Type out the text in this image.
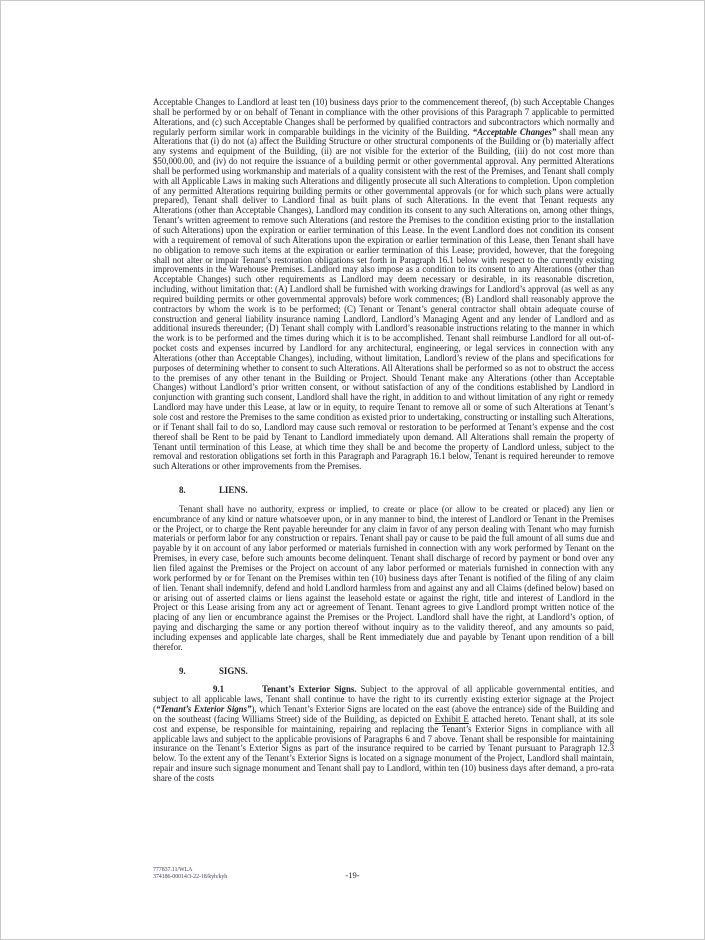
Acceptable Changes to Landlord at least ten (10) business days prior to the commencement thereof, (b) such Acceptable Changes shall be performed by or on behalf of Tenant in compliance with the other provisions of this Paragraph 7 applicable to permitted Alterations, and (c) such Acceptable Changes shall be performed by qualified contractors and subcontractors which normally and regularly perform similar work in comparable buildings in the vicinity of the Building. “Acceptable Changes” shall mean any Alterations that (i) do not (a) affect the Building Structure or other structural components of the Building or (b) materially affect any systems and equipment of the Building, (ii) are not visible for the exterior of the Building, (iii) do not cost more than $50,000.00, and (iv) do not require the issuance of a building permit or other governmental approval. Any permitted Alterations shall be performed using workmanship and materials of a quality consistent with the rest of the Premises, and Tenant shall comply with all Applicable Laws in making such Alterations and diligently prosecute all such Alterations to completion. Upon completion of any permitted Alterations requiring building permits or other governmental approvals (or for which such plans were actually prepared), Tenant shall deliver to Landlord final as built plans of such Alterations. In the event that Tenant requests any Alterations (other than Acceptable Changes), Landlord may condition its consent to any such Alterations on, among other things, Tenant’s written agreement to remove such Alterations (and restore the Premises to the condition existing prior to the installation of such Alterations) upon the expiration or earlier termination of this Lease. In the event Landlord does not condition its consent with a requirement of removal of such Alterations upon the expiration or earlier termination of this Lease, then Tenant shall have no obligation to remove such items at the expiration or earlier termination of this Lease; provided, however, that the foregoing shall not alter or impair Tenant’s restoration obligations set forth in Paragraph 16.1 below with respect to the currently existing improvements in the Warehouse Premises. Landlord may also impose as a condition to its consent to any Alterations (other than Acceptable Changes) such other requirements as Landlord may deem necessary or desirable, in its reasonable discretion, including, without limitation that: (A) Landlord shall be furnished with working drawings for Landlord’s approval (as well as any required building permits or other governmental approvals) before work commences; (B) Landlord shall reasonably approve the contractors by whom the work is to be performed; (C) Tenant or Tenant’s general contractor shall obtain adequate course of construction and general liability insurance naming Landlord, Landlord’s Managing Agent and any lender of Landlord and as additional insureds thereunder; (D) Tenant shall comply with Landlord’s reasonable instructions relating to the manner in which the work is to be performed and the times during which it is to be accomplished. Tenant shall reimburse Landlord for all out-of-pocket costs and expenses incurred by Landlord for any architectural, engineering, or legal services in connection with any Alterations (other than Acceptable Changes), including, without limitation, Landlord’s review of the plans and specifications for purposes of determining whether to consent to such Alterations. All Alterations shall be performed so as not to obstruct the access to the premises of any other tenant in the Building or Project. Should Tenant make any Alterations (other than Acceptable Changes) without Landlord’s prior written consent, or without satisfaction of any of the conditions established by Landlord in conjunction with granting such consent, Landlord shall have the right, in addition to and without limitation of any right or remedy Landlord may have under this Lease, at law or in equity, to require Tenant to remove all or some of such Alterations at Tenant’s sole cost and restore the Premises to the same condition as existed prior to undertaking, constructing or installing such Alterations, or if Tenant shall fail to do so, Landlord may cause such removal or restoration to be performed at Tenant’s expense and the cost thereof shall be Rent to be paid by Tenant to Landlord immediately upon demand. All Alterations shall remain the property of Tenant until termination of this Lease, at which time they shall be and become the property of Landlord unless, subject to the removal and restoration obligations set forth in this Paragraph and Paragraph 16.1 below, Tenant is required hereunder to remove such Alterations or other improvements from the Premises.

8.	LIENS.

Tenant shall have no authority, express or implied, to create or place (or allow to be created or placed) any lien or encumbrance of any kind or nature whatsoever upon, or in any manner to bind, the interest of Landlord or Tenant in the Premises or the Project, or to charge the Rent payable hereunder for any claim in favor of any person dealing with Tenant who may furnish materials or perform labor for any construction or repairs. Tenant shall pay or cause to be paid the full amount of all sums due and payable by it on account of any labor performed or materials furnished in connection with any work performed by Tenant on the Premises, in every case, before such amounts become delinquent. Tenant shall discharge of record by payment or bond over any lien filed against the Premises or the Project on account of any labor performed or materials furnished in connection with any work performed by or for Tenant on the Premises within ten (10) business days after Tenant is notified of the filing of any claim of lien. Tenant shall indemnify, defend and hold Landlord harmless from and against any and all Claims (defined below) based on or arising out of asserted claims or liens against the leasehold estate or against the right, title and interest of Landlord in the Project or this Lease arising from any act or agreement of Tenant. Tenant agrees to give Landlord prompt written notice of the placing of any lien or encumbrance against the Premises or the Project. Landlord shall have the right, at Landlord’s option, of paying and discharging the same or any portion thereof without inquiry as to the validity thereof, and any amounts so paid, including expenses and applicable late charges, shall be Rent immediately due and payable by Tenant upon rendition of a bill therefor.

9.	SIGNS.

9.1	Tenant’s Exterior Signs. Subject to the approval of all applicable governmental entities, and subject to all applicable laws, Tenant shall continue to have the right to its currently existing exterior signage at the Project (“Tenant’s Exterior Signs”), which Tenant’s Exterior Signs are located on the east (above the entrance) side of the Building and on the southeast (facing Williams Street) side of the Building, as depicted on Exhibit E attached hereto. Tenant shall, at its sole cost and expense, be responsible for maintaining, repairing and replacing the Tenant’s Exterior Signs in compliance with all applicable laws and subject to the applicable provisions of Paragraphs 6 and 7 above. Tenant shall be responsible for maintaining insurance on the Tenant’s Exterior Signs as part of the insurance required to be carried by Tenant pursuant to Paragraph 12.3 below. To the extent any of the Tenant’s Exterior Signs is located on a signage monument of the Project, Landlord shall maintain, repair and insure such signage monument and Tenant shall pay to Landlord, within ten (10) business days after demand, a pro-rata share of the costs

777837.11/WLA
374186-00014/3-22-18/kyh/kyh	-19-
